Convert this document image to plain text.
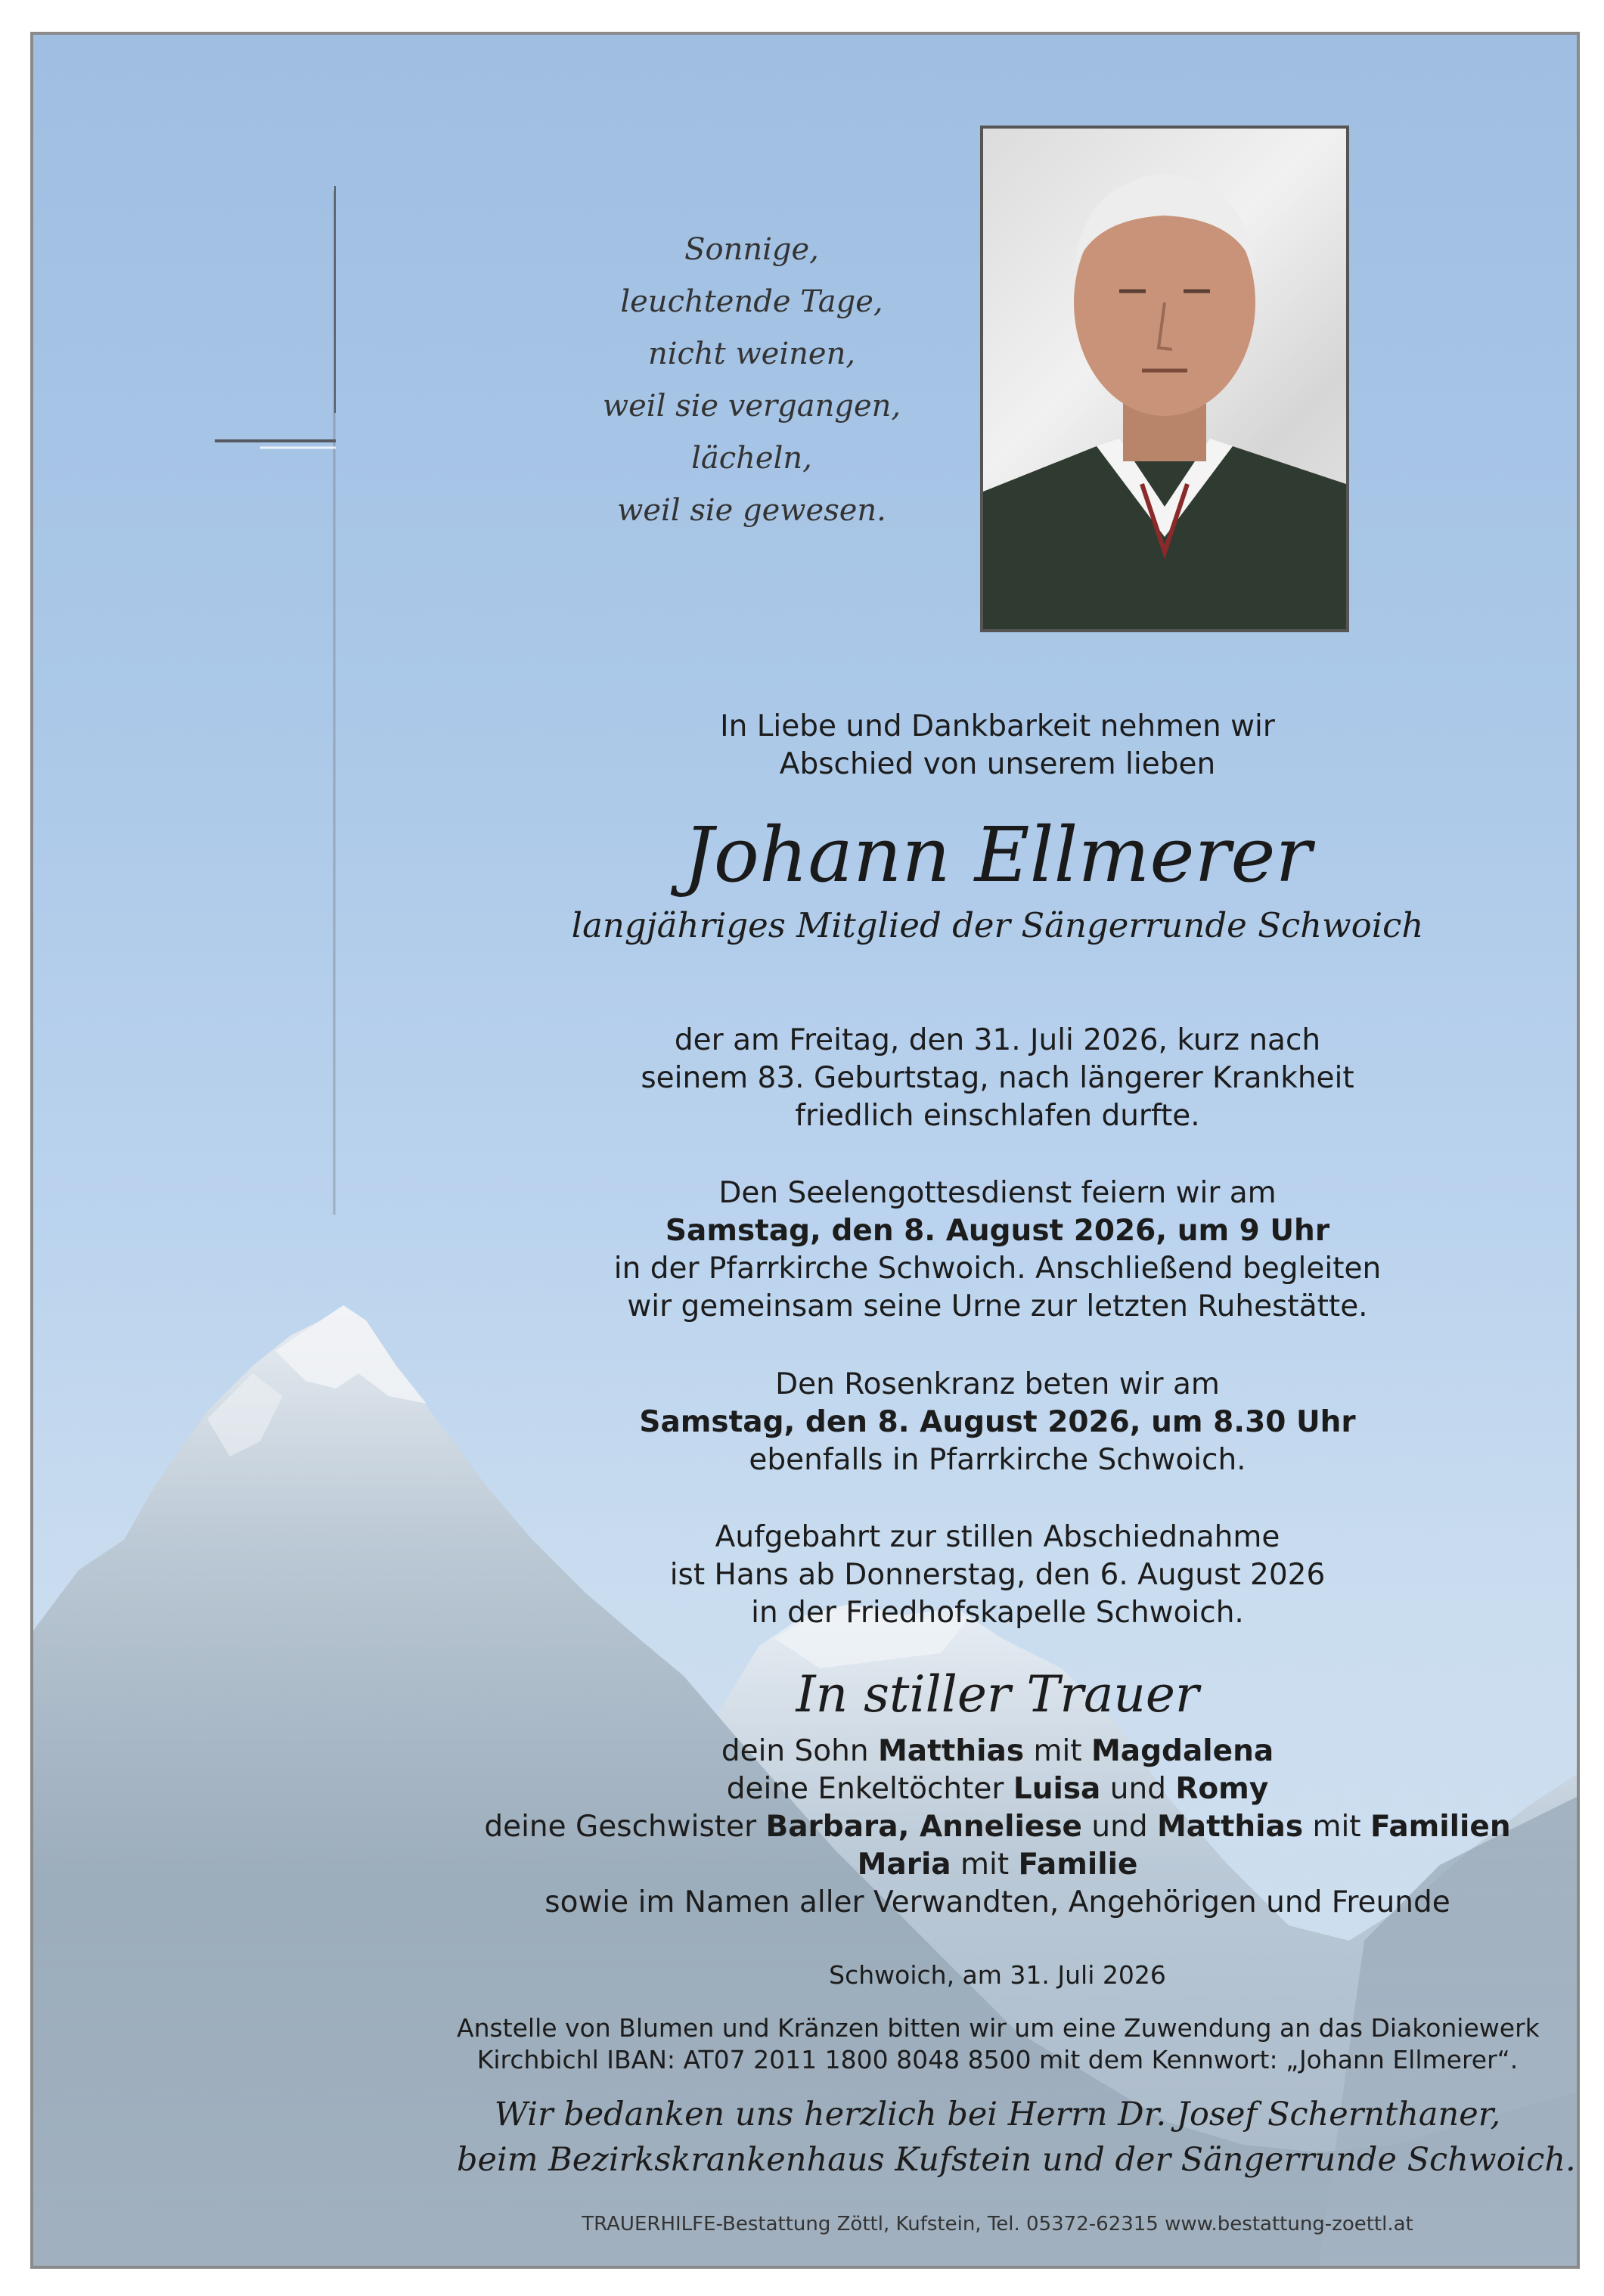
Sonnige,
leuchtende Tage,
nicht weinen,
weil sie vergangen,
lächeln,
weil sie gewesen.
In Liebe und Dankbarkeit nehmen wir
Abschied von unserem lieben
Johann Ellmerer
langjähriges Mitglied der Sängerrunde Schwoich
der am Freitag, den 31. Juli 2026, kurz nach
seinem 83. Geburtstag, nach längerer Krankheit
friedlich einschlafen durfte.
Den Seelengottesdienst feiern wir am
Samstag, den 8. August 2026, um 9 Uhr
in der Pfarrkirche Schwoich. Anschließend begleiten
wir gemeinsam seine Urne zur letzten Ruhestätte.
Den Rosenkranz beten wir am
Samstag, den 8. August 2026, um 8.30 Uhr
ebenfalls in Pfarrkirche Schwoich.
Aufgebahrt zur stillen Abschiednahme
ist Hans ab Donnerstag, den 6. August 2026
in der Friedhofskapelle Schwoich.
In stiller Trauer
dein Sohn Matthias mit Magdalena
deine Enkeltöchter Luisa und Romy
deine Geschwister Barbara, Anneliese und Matthias mit Familien
Maria mit Familie
sowie im Namen aller Verwandten, Angehörigen und Freunde
Schwoich, am 31. Juli 2026
Anstelle von Blumen und Kränzen bitten wir um eine Zuwendung an das Diakoniewerk
Kirchbichl IBAN: AT07 2011 1800 8048 8500 mit dem Kennwort: „Johann Ellmerer“.
Wir bedanken uns herzlich bei Herrn Dr. Josef Schernthaner,
beim Bezirkskrankenhaus Kufstein und der Sängerrunde Schwoich.
TRAUERHILFE-Bestattung Zöttl, Kufstein, Tel. 05372-62315 www.bestattung-zoettl.at
